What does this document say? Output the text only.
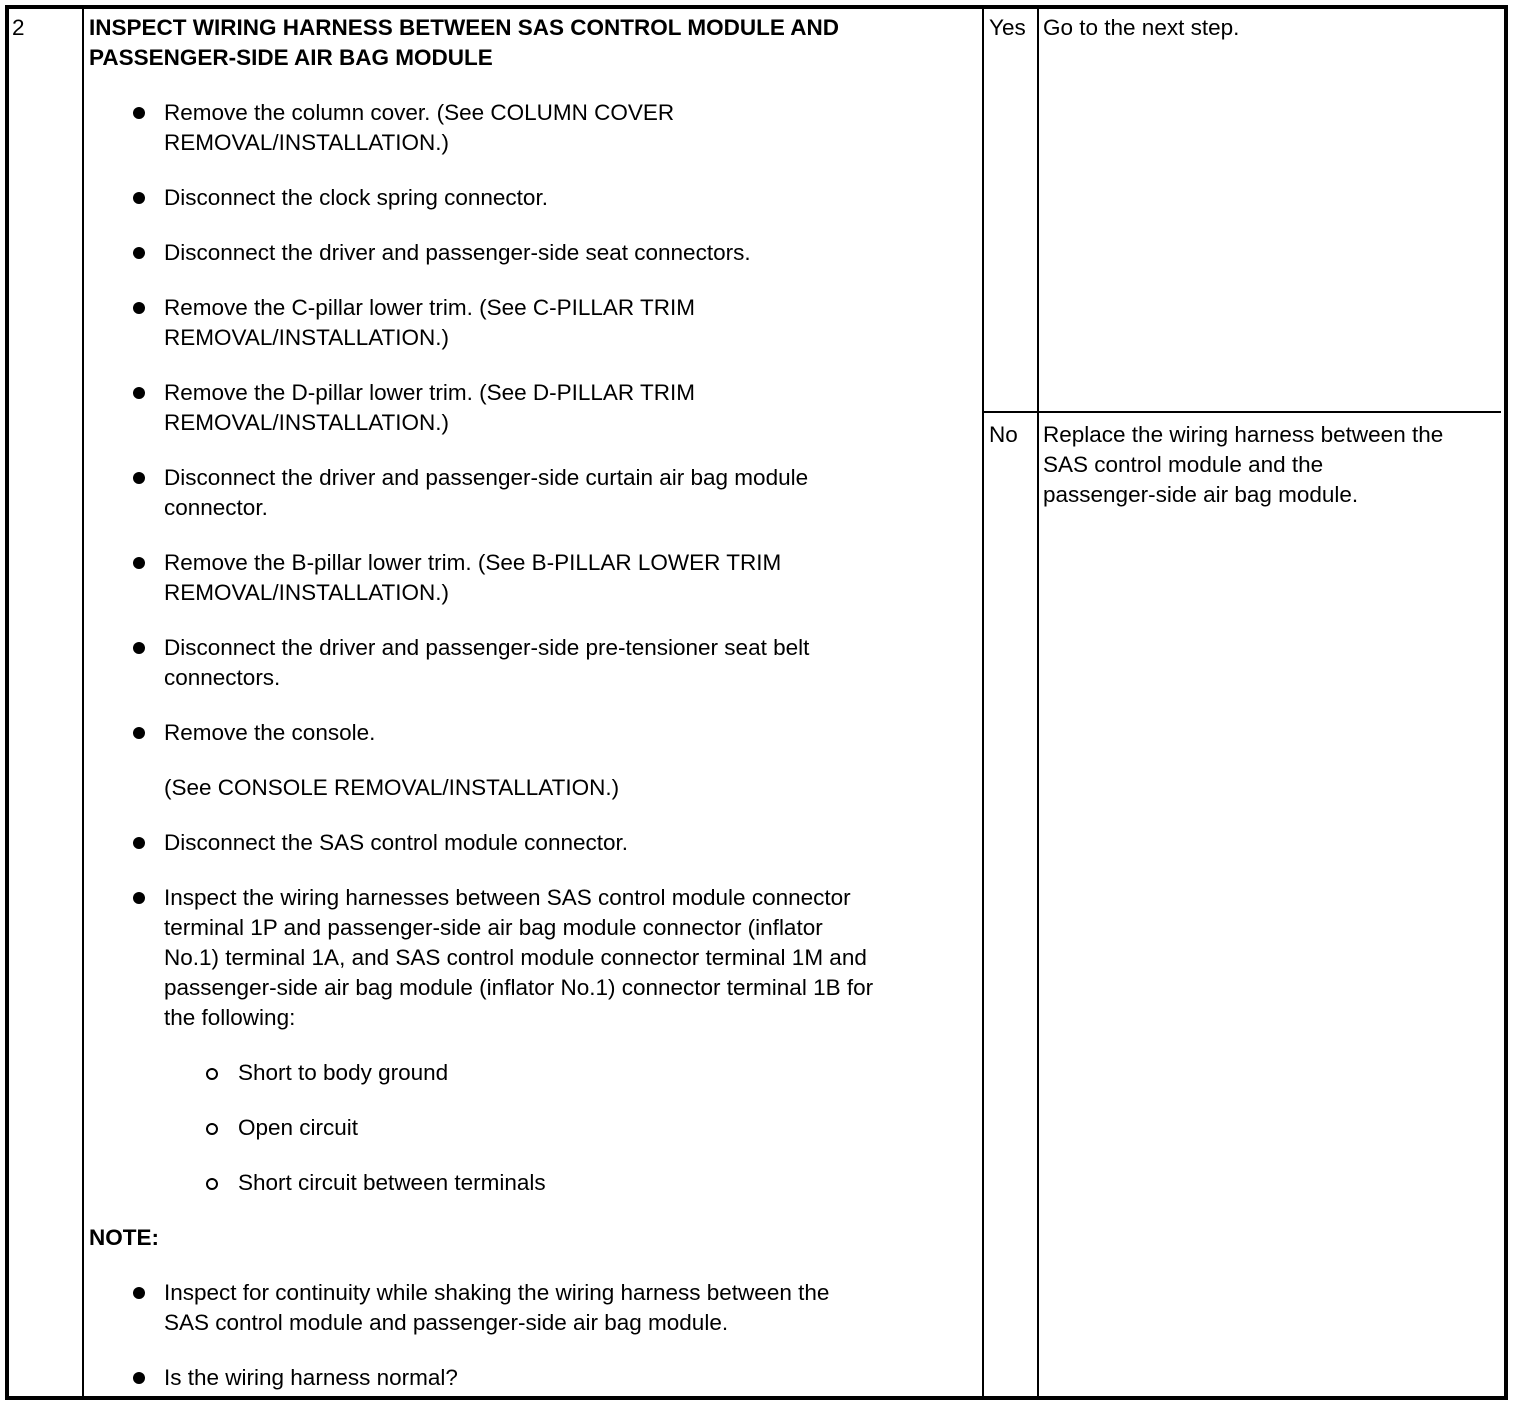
2	INSPECT WIRING HARNESS BETWEEN SAS CONTROL MODULE AND
PASSENGER-SIDE AIR BAG MODULE
Remove the column cover. (See COLUMN COVER
REMOVAL/INSTALLATION.)
Disconnect the clock spring connector.
Disconnect the driver and passenger-side seat connectors.
Remove the C-pillar lower trim. (See C-PILLAR TRIM
REMOVAL/INSTALLATION.)
Remove the D-pillar lower trim. (See D-PILLAR TRIM
REMOVAL/INSTALLATION.)
Disconnect the driver and passenger-side curtain air bag module
connector.
Remove the B-pillar lower trim. (See B-PILLAR LOWER TRIM
REMOVAL/INSTALLATION.)
Disconnect the driver and passenger-side pre-tensioner seat belt
connectors.
Remove the console.
(See CONSOLE REMOVAL/INSTALLATION.)
Disconnect the SAS control module connector.
Inspect the wiring harnesses between SAS control module connector
terminal 1P and passenger-side air bag module connector (inflator
No.1) terminal 1A, and SAS control module connector terminal 1M and
passenger-side air bag module (inflator No.1) connector terminal 1B for
the following:
Short to body ground
Open circuit
Short circuit between terminals
NOTE:
Inspect for continuity while shaking the wiring harness between the
SAS control module and passenger-side air bag module.
Is the wiring harness normal?
Yes Go to the next step.
No Replace the wiring harness between the
SAS control module and the
passenger-side air bag module.
